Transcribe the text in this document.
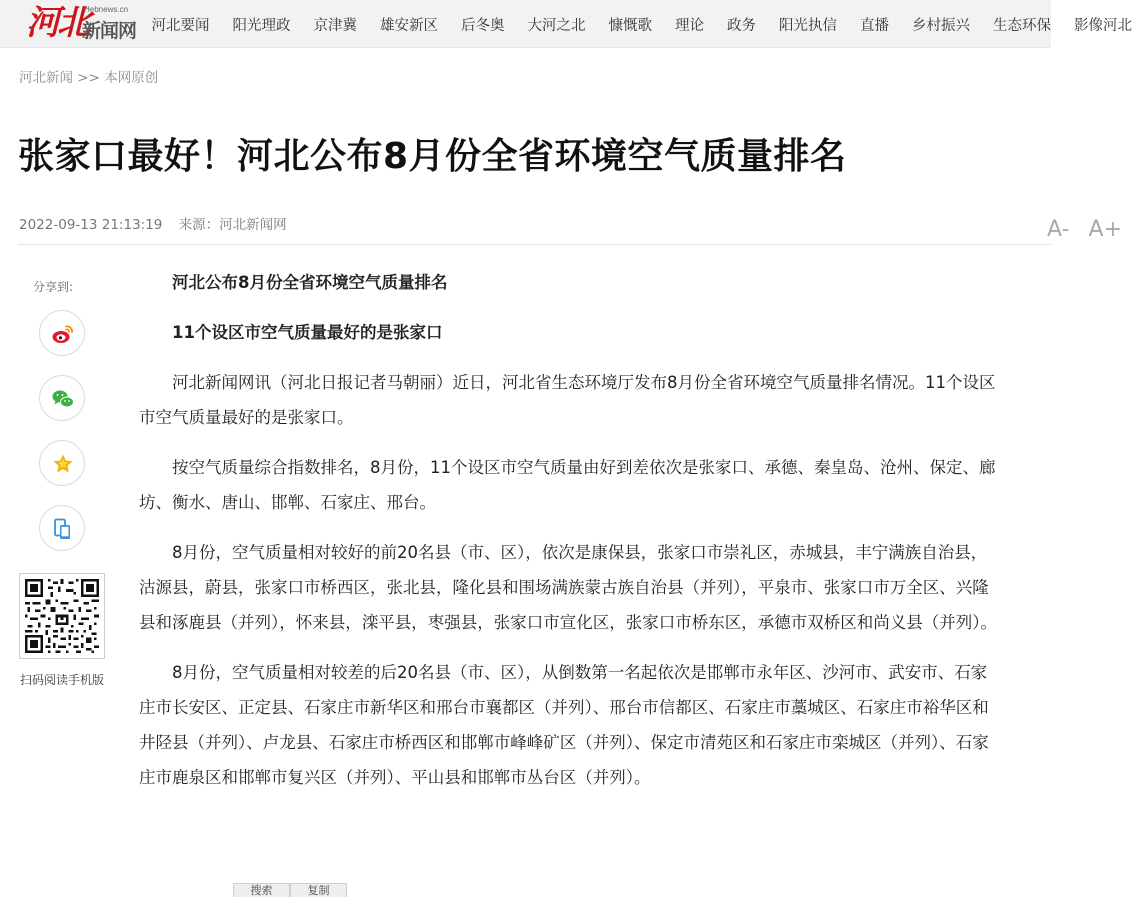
河北
Hebnews.cn
新闻网	河北要闻	阳光理政	京津冀	雄安新区	后冬奥	大河之北	慷慨歌	理论	政务	阳光执信	直播	乡村振兴	生态环保	影像河北
河北新闻 >> 本网原创
张家口最好！河北公布8月份全省环境空气质量排名
2022-09-13 21:13:19 来源：河北新闻网	A- A+
分享到:
扫码阅读手机版

河北公布8月份全省环境空气质量排名

11个设区市空气质量最好的是张家口

河北新闻网讯（河北日报记者马朝丽）近日，河北省生态环境厅发布8月份全省环境空气质量排名情况。11个设区市空气质量最好的是张家口。

按空气质量综合指数排名，8月份，11个设区市空气质量由好到差依次是张家口、承德、秦皇岛、沧州、保定、廊坊、衡水、唐山、邯郸、石家庄、邢台。

8月份，空气质量相对较好的前20名县（市、区），依次是康保县，张家口市崇礼区，赤城县，丰宁满族自治县，沽源县，蔚县，张家口市桥西区，张北县，隆化县和围场满族蒙古族自治县（并列），平泉市、张家口市万全区、兴隆县和涿鹿县（并列），怀来县，滦平县，枣强县，张家口市宣化区，张家口市桥东区，承德市双桥区和尚义县（并列）。

8月份，空气质量相对较差的后20名县（市、区），从倒数第一名起依次是邯郸市永年区、沙河市、武安市、石家庄市长安区、正定县、石家庄市新华区和邢台市襄都区（并列）、邢台市信都区、石家庄市藁城区、石家庄市裕华区和井陉县（并列）、卢龙县、石家庄市桥西区和邯郸市峰峰矿区（并列）、保定市清苑区和石家庄市栾城区（并列）、石家庄市鹿泉区和邯郸市复兴区（并列）、平山县和邯郸市丛台区（并列）。

搜索	复制
